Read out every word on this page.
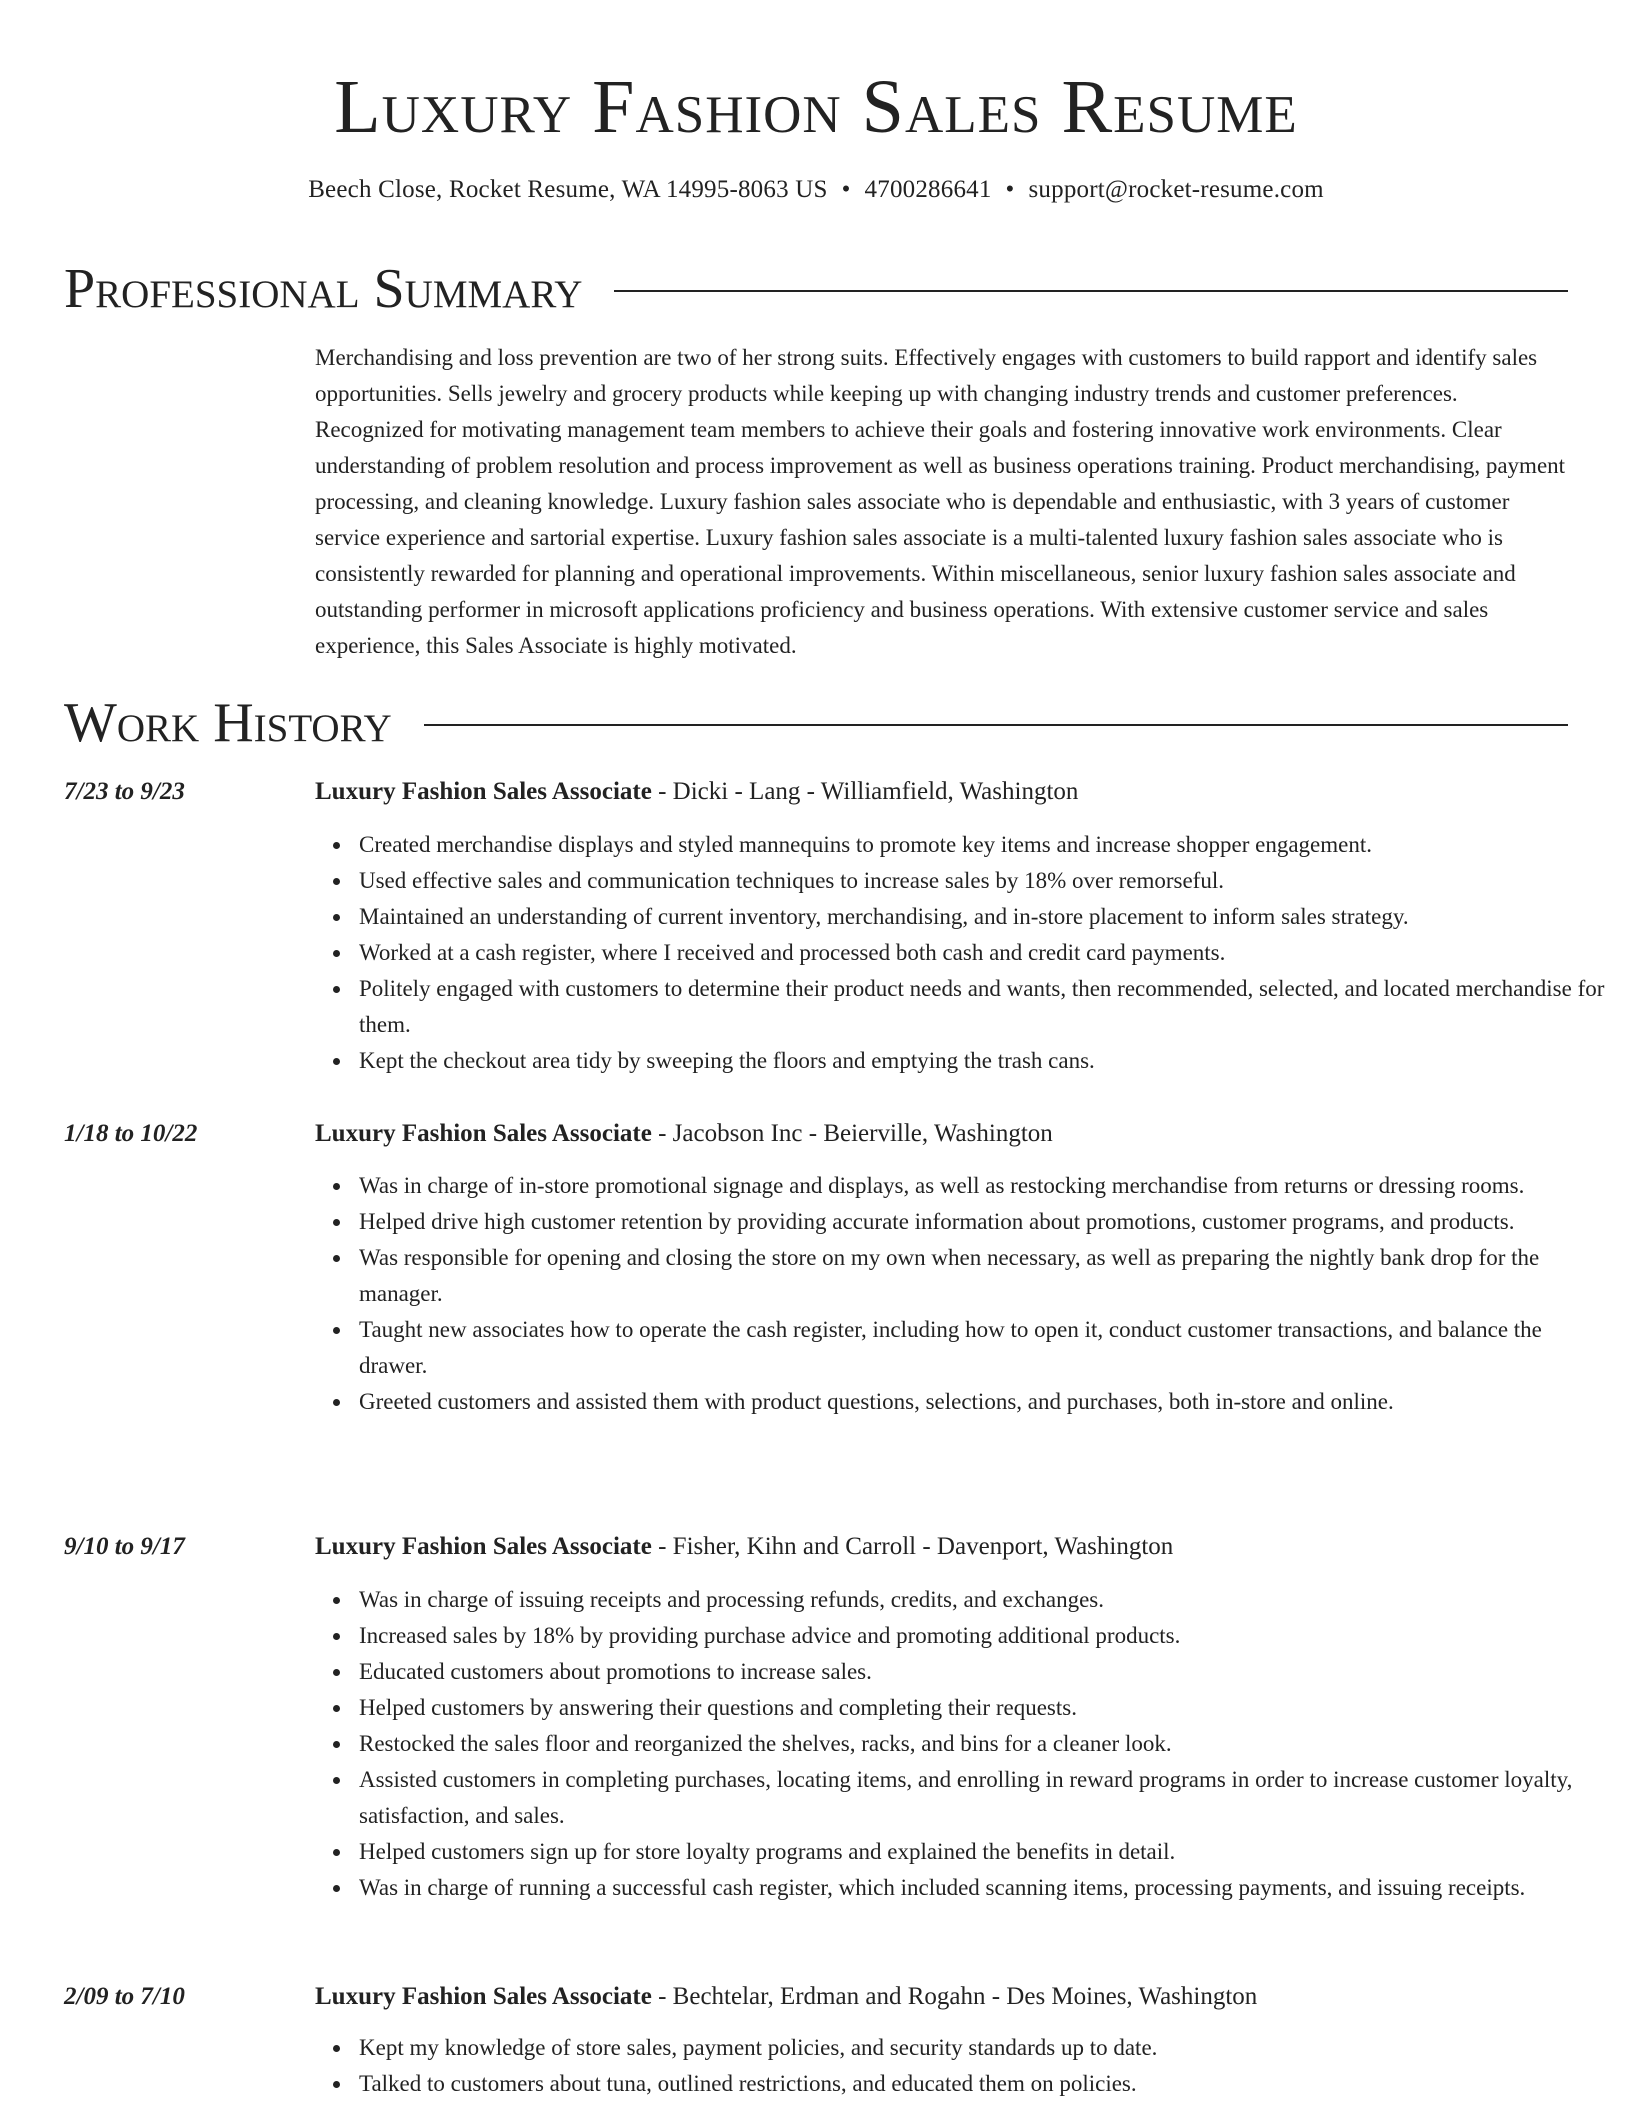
Luxury Fashion Sales Resume
Beech Close, Rocket Resume, WA 14995-8063 US • 4700286641 • support@rocket-resume.com
Professional Summary

Merchandising and loss prevention are two of her strong suits. Effectively engages with customers to build rapport and identify sales opportunities. Sells jewelry and grocery products while keeping up with changing industry trends and customer preferences. Recognized for motivating management team members to achieve their goals and fostering innovative work environments. Clear understanding of problem resolution and process improvement as well as business operations training. Product merchandising, payment processing, and cleaning knowledge. Luxury fashion sales associate who is dependable and enthusiastic, with 3 years of customer service experience and sartorial expertise. Luxury fashion sales associate is a multi-talented luxury fashion sales associate who is consistently rewarded for planning and operational improvements. Within miscellaneous, senior luxury fashion sales associate and outstanding performer in microsoft applications proficiency and business operations. With extensive customer service and sales experience, this Sales Associate is highly motivated.

Work History
7/23 to 9/23	Luxury Fashion Sales Associate - Dicki - Lang - Williamfield, Washington
Created merchandise displays and styled mannequins to promote key items and increase shopper engagement.
Used effective sales and communication techniques to increase sales by 18% over remorseful.
Maintained an understanding of current inventory, merchandising, and in-store placement to inform sales strategy.
Worked at a cash register, where I received and processed both cash and credit card payments.
Politely engaged with customers to determine their product needs and wants, then recommended, selected, and located merchandise for them.
Kept the checkout area tidy by sweeping the floors and emptying the trash cans.
1/18 to 10/22	Luxury Fashion Sales Associate - Jacobson Inc - Beierville, Washington
Was in charge of in-store promotional signage and displays, as well as restocking merchandise from returns or dressing rooms.
Helped drive high customer retention by providing accurate information about promotions, customer programs, and products.
Was responsible for opening and closing the store on my own when necessary, as well as preparing the nightly bank drop for the manager.
Taught new associates how to operate the cash register, including how to open it, conduct customer transactions, and balance the drawer.
Greeted customers and assisted them with product questions, selections, and purchases, both in-store and online.
9/10 to 9/17	Luxury Fashion Sales Associate - Fisher, Kihn and Carroll - Davenport, Washington
Was in charge of issuing receipts and processing refunds, credits, and exchanges.
Increased sales by 18% by providing purchase advice and promoting additional products.
Educated customers about promotions to increase sales.
Helped customers by answering their questions and completing their requests.
Restocked the sales floor and reorganized the shelves, racks, and bins for a cleaner look.
Assisted customers in completing purchases, locating items, and enrolling in reward programs in order to increase customer loyalty, satisfaction, and sales.
Helped customers sign up for store loyalty programs and explained the benefits in detail.
Was in charge of running a successful cash register, which included scanning items, processing payments, and issuing receipts.
2/09 to 7/10	Luxury Fashion Sales Associate - Bechtelar, Erdman and Rogahn - Des Moines, Washington
Kept my knowledge of store sales, payment policies, and security standards up to date.
Talked to customers about tuna, outlined restrictions, and educated them on policies.
